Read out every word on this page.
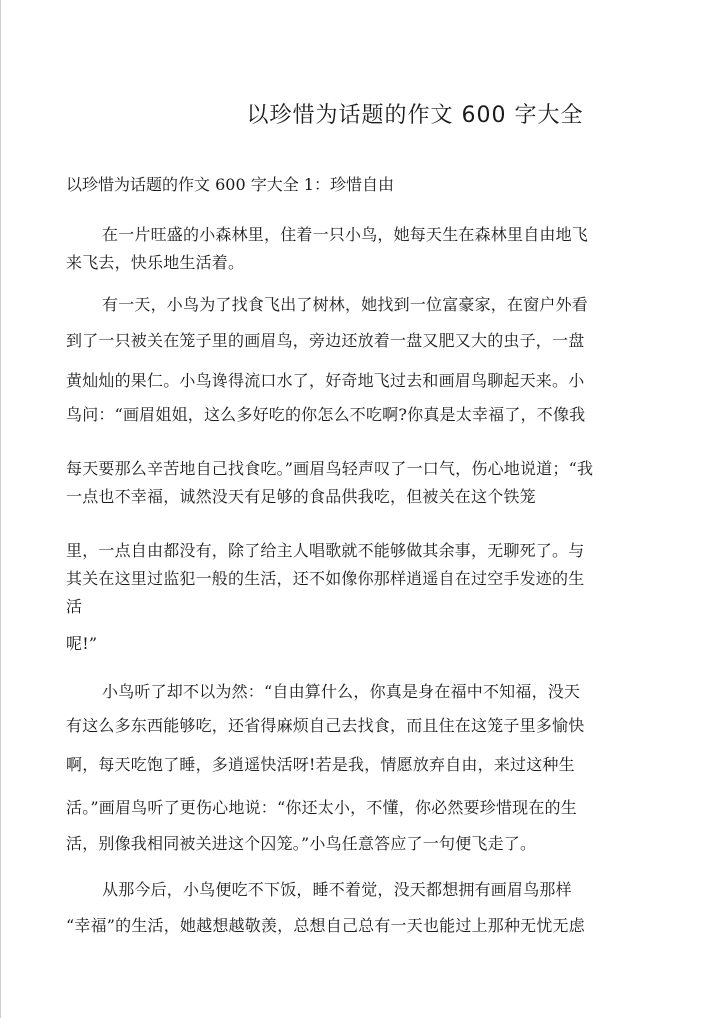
以珍惜为话题的作文 600 字大全
以珍惜为话题的作文 600 字大全 1：珍惜自由
在一片旺盛的小森林里，住着一只小鸟，她每天生在森林里自由地飞
来飞去，快乐地生活着。
有一天，小鸟为了找食飞出了树林，她找到一位富豪家，在窗户外看
到了一只被关在笼子里的画眉鸟，旁边还放着一盘又肥又大的虫子，一盘
黄灿灿的果仁。小鸟谗得流口水了，好奇地飞过去和画眉鸟聊起天来。小
鸟问：“画眉姐姐，这么多好吃的你怎么不吃啊?你真是太幸福了，不像我
每天要那么辛苦地自己找食吃。”画眉鸟轻声叹了一口气，伤心地说道；“我
一点也不幸福，诚然没天有足够的食品供我吃，但被关在这个铁笼
里，一点自由都没有，除了给主人唱歌就不能够做其余事，无聊死了。与
其关在这里过监犯一般的生活，还不如像你那样逍遥自在过空手发迹的生
活
呢!”
小鸟听了却不以为然：“自由算什么，你真是身在福中不知福，没天
有这么多东西能够吃，还省得麻烦自己去找食，而且住在这笼子里多愉快
啊，每天吃饱了睡，多逍遥快活呀!若是我，情愿放弃自由，来过这种生
活。”画眉鸟听了更伤心地说：“你还太小，不懂，你必然要珍惜现在的生
活，别像我相同被关进这个囚笼。”小鸟任意答应了一句便飞走了。
从那今后，小鸟便吃不下饭，睡不着觉，没天都想拥有画眉鸟那样
“幸福”的生活，她越想越敬羡，总想自己总有一天也能过上那种无忧无虑
